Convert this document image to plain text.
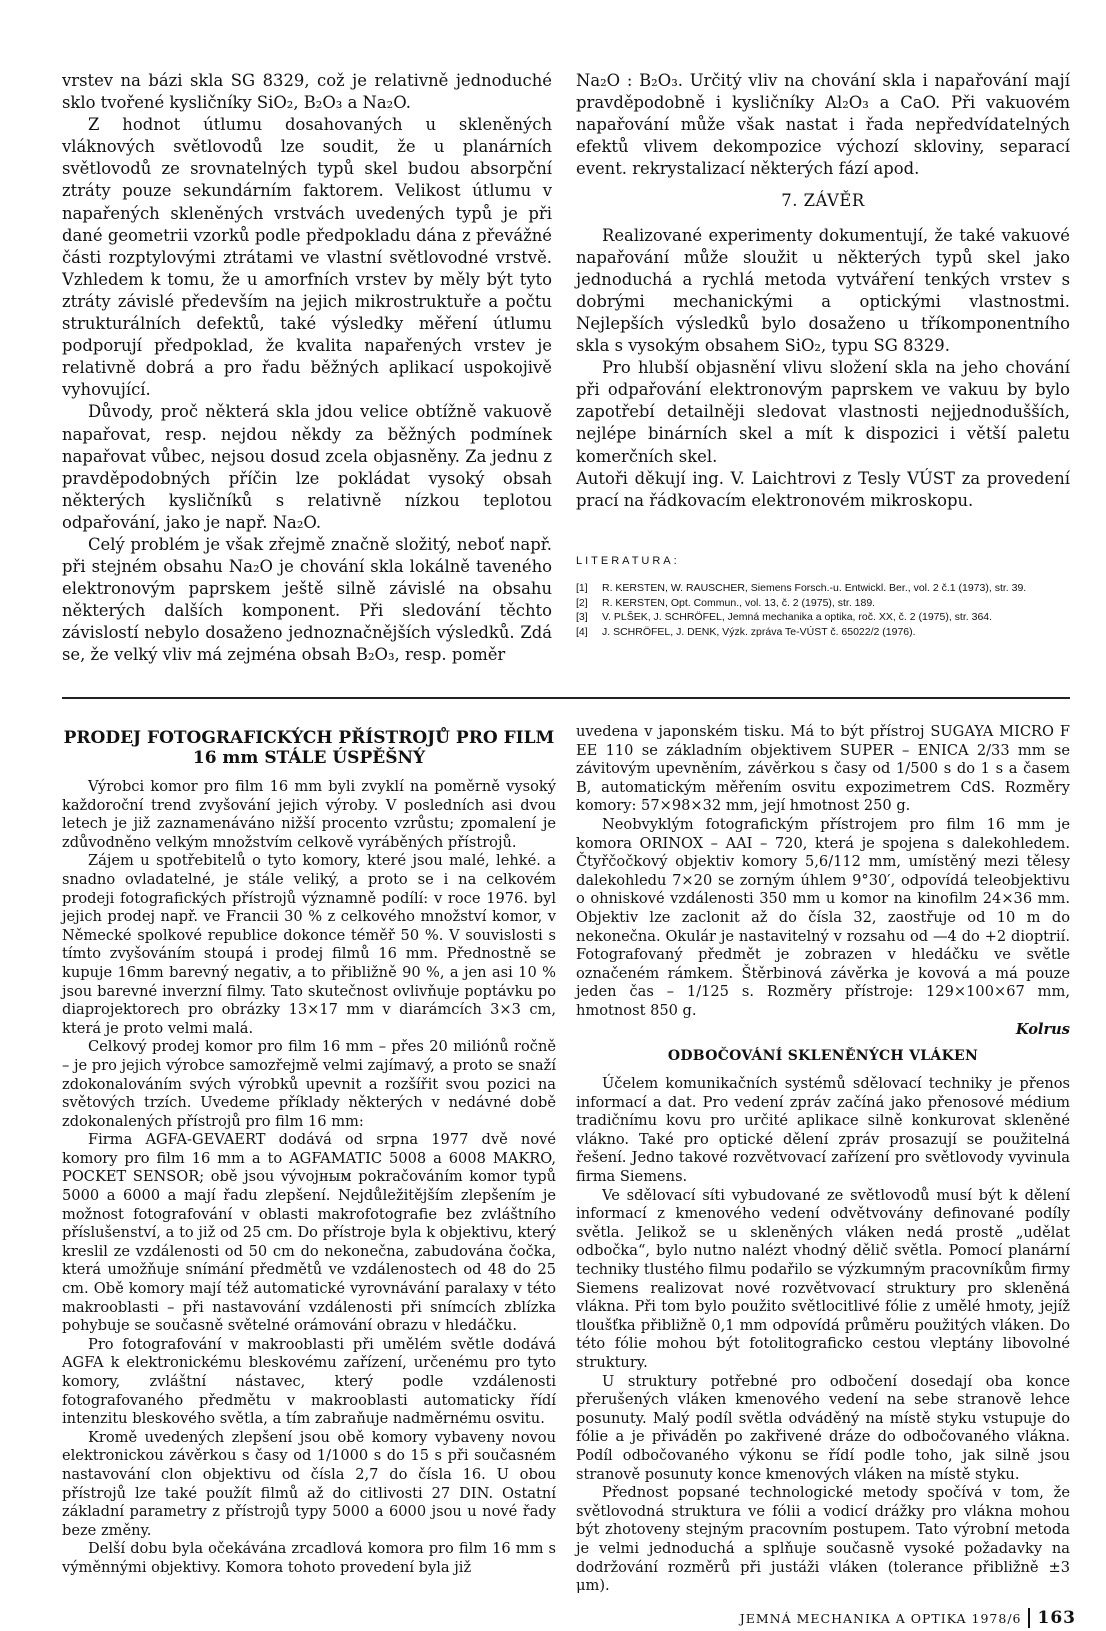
vrstev na bázi skla SG 8329, což je relativně jednoduché sklo tvořené kysličníky SiO₂, B₂O₃ a Na₂O.

Z hodnot útlumu dosahovaných u skleněných vláknových světlovodů lze soudit, že u planárních světlovodů ze srovnatelných typů skel budou absorpční ztráty pouze sekundárním faktorem. Velikost útlumu v napařených skleněných vrstvách uvedených typů je při dané geometrii vzorků podle předpokladu dána z převážné části rozptylovými ztrátami ve vlastní světlovodné vrstvě. Vzhledem k tomu, že u amorfních vrstev by měly být tyto ztráty závislé především na jejich mikrostruktuře a počtu strukturálních defektů, také výsledky měření útlumu podporují předpoklad, že kvalita napařených vrstev je relativně dobrá a pro řadu běžných aplikací uspokojivě vyhovující.

Důvody, proč některá skla jdou velice obtížně vakuově napařovat, resp. nejdou někdy za běžných podmínek napařovat vůbec, nejsou dosud zcela objasněny. Za jednu z pravděpodobných příčin lze pokládat vysoký obsah některých kysličníků s relativně nízkou teplotou odpařování, jako je např. Na₂O.

Celý problém je však zřejmě značně složitý, neboť např. při stejném obsahu Na₂O je chování skla lokálně taveného elektronovým paprskem ještě silně závislé na obsahu některých dalších komponent. Při sledování těchto závislostí nebylo dosaženo jednoznačnějších výsledků. Zdá se, že velký vliv má zejména obsah B₂O₃, resp. poměr

Na₂O : B₂O₃. Určitý vliv na chování skla i napařování mají pravděpodobně i kysličníky Al₂O₃ a CaO. Při vakuovém napařování může však nastat i řada nepředvídatelných efektů vlivem dekompozice výchozí skloviny, separací event. rekrystalizací některých fází apod.

7. ZÁVĚR

Realizované experimenty dokumentují, že také vakuové napařování může sloužit u některých typů skel jako jednoduchá a rychlá metoda vytváření tenkých vrstev s dobrými mechanickými a optickými vlastnostmi. Nejlepších výsledků bylo dosaženo u tříkomponentního skla s vysokým obsahem SiO₂, typu SG 8329.

Pro hlubší objasnění vlivu složení skla na jeho chování při odpařování elektronovým paprskem ve vakuu by bylo zapotřebí detailněji sledovat vlastnosti nejjednodušších, nejlépe binárních skel a mít k dispozici i větší paletu komerčních skel.

Autoři děkují ing. V. Laichtrovi z Tesly VÚST za provedení prací na řádkovacím elektronovém mikroskopu.

LITERATURA:
[1]	R. KERSTEN, W. RAUSCHER, Siemens Forsch.-u. Entwickl. Ber., vol. 2 č.1 (1973), str. 39.
[2]	R. KERSTEN, Opt. Commun., vol. 13, č. 2 (1975), str. 189.
[3]	V. PLŠEK, J. SCHRÖFEL, Jemná mechanika a optika, roč. XX, č. 2 (1975), str. 364.
[4]	J. SCHRÖFEL, J. DENK, Výzk. zpráva Te-VÚST č. 65022/2 (1976).
PRODEJ FOTOGRAFICKÝCH PŘÍSTROJŮ PRO FILM 16 mm STÁLE ÚSPĚŠNÝ

Výrobci komor pro film 16 mm byli zvyklí na poměrně vysoký každoroční trend zvyšování jejich výroby. V posledních asi dvou letech je již zaznamenáváno nižší procento vzrůstu; zpomalení je zdůvodněno velkým množstvím celkově vyráběných přístrojů.

Zájem u spotřebitelů o tyto komory, které jsou malé, lehké. a snadno ovladatelné, je stále veliký, a proto se i na celkovém prodeji fotografických přístrojů významně podílí: v roce 1976. byl jejich prodej např. ve Francii 30 % z celkového množství komor, v Německé spolkové republice dokonce téměř 50 %. V souvislosti s tímto zvyšováním stoupá i prodej filmů 16 mm. Přednostně se kupuje 16mm barevný negativ, a to přibližně 90 %, a jen asi 10 % jsou barevné inverzní filmy. Tato skutečnost ovlivňuje poptávku po diaprojektorech pro obrázky 13×17 mm v diarámcích 3×3 cm, která je proto velmi malá.

Celkový prodej komor pro film 16 mm – přes 20 miliónů ročně – je pro jejich výrobce samozřejmě velmi zajímavý, a proto se snaží zdokonalováním svých výrobků upevnit a rozšířit svou pozici na světových trzích. Uvedeme příklady některých v nedávné době zdokonalených přístrojů pro film 16 mm:

Firma AGFA-GEVAERT dodává od srpna 1977 dvě nové komory pro film 16 mm a to AGFAMATIC 5008 a 6008 MAKRO, POCKET SENSOR; obě jsou vývojным pokračováním komor typů 5000 a 6000 a mají řadu zlepšení. Nejdůležitějším zlepšením je možnost fotografování v oblasti makrofotografie bez zvláštního příslušenství, a to již od 25 cm. Do přístroje byla k objektivu, který kreslil ze vzdálenosti od 50 cm do nekonečna, zabudována čočka, která umožňuje snímání předmětů ve vzdálenostech od 48 do 25 cm. Obě komory mají též automatické vyrovnávání paralaxy v této makrooblasti – při nastavování vzdálenosti při snímcích zblízka pohybuje se současně světelné orámování obrazu v hledáčku.

Pro fotografování v makrooblasti při umělém světle dodává AGFA k elektronickému bleskovému zařízení, určenému pro tyto komory, zvláštní nástavec, který podle vzdálenosti fotografovaného předmětu v makrooblasti automaticky řídí intenzitu bleskového světla, a tím zabraňuje nadměrnému osvitu.

Kromě uvedených zlepšení jsou obě komory vybaveny novou elektronickou závěrkou s časy od 1/1000 s do 15 s při současném nastavování clon objektivu od čísla 2,7 do čísla 16. U obou přístrojů lze také použít filmů až do citlivosti 27 DIN. Ostatní základní parametry z přístrojů typy 5000 a 6000 jsou u nové řady beze změny.

Delší dobu byla očekávána zrcadlová komora pro film 16 mm s výměnnými objektivy. Komora tohoto provedení byla již

uvedena v japonském tisku. Má to být přístroj SUGAYA MICRO F EE 110 se základním objektivem SUPER – ENICA 2/33 mm se závitovým upevněním, závěrkou s časy od 1/500 s do 1 s a časem B, automatickým měřením osvitu expozimetrem CdS. Rozměry komory: 57×98×32 mm, její hmotnost 250 g.

Neobvyklým fotografickým přístrojem pro film 16 mm je komora ORINOX – AAI – 720, která je spojena s dalekohledem. Čtyřčočkový objektiv komory 5,6/112 mm, umístěný mezi tělesy dalekohledu 7×20 se zorným úhlem 9°30′, odpovídá teleobjektivu o ohniskové vzdálenosti 350 mm u komor na kinofilm 24×36 mm. Objektiv lze zaclonit až do čísla 32, zaostřuje od 10 m do nekonečna. Okulár je nastavitelný v rozsahu od —4 do +2 dioptrií. Fotografovaný předmět je zobrazen v hledáčku ve světle označeném rámkem. Štěrbinová závěrka je kovová a má pouze jeden čas – 1/125 s. Rozměry přístroje: 129×100×67 mm, hmotnost 850 g.

Kolrus
ODBOČOVÁNÍ SKLENĚNÝCH VLÁKEN

Účelem komunikačních systémů sdělovací techniky je přenos informací a dat. Pro vedení zpráv začíná jako přenosové médium tradičnímu kovu pro určité aplikace silně konkurovat skleněné vlákno. Také pro optické dělení zpráv prosazují se použitelná řešení. Jedno takové rozvětvovací zařízení pro světlovody vyvinula firma Siemens.

Ve sdělovací síti vybudované ze světlovodů musí být k dělení informací z kmenového vedení odvětvovány definované podíly světla. Jelikož se u skleněných vláken nedá prostě „udělat odbočka“, bylo nutno nalézt vhodný dělič světla. Pomocí planární techniky tlustého filmu podařilo se výzkumným pracovníkům firmy Siemens realizovat nové rozvětvovací struktury pro skleněná vlákna. Při tom bylo použito světlocitlivé fólie z umělé hmoty, jejíž tloušťka přibližně 0,1 mm odpovídá průměru použitých vláken. Do této fólie mohou být fotolitograficko cestou vleptány libovolné struktury.

U struktury potřebné pro odbočení dosedají oba konce přerušených vláken kmenového vedení na sebe stranově lehce posunuty. Malý podíl světla odváděný na místě styku vstupuje do fólie a je přiváděn po zakřivené dráze do odbočovaného vlákna. Podíl odbočovaného výkonu se řídí podle toho, jak silně jsou stranově posunuty konce kmenových vláken na místě styku.

Přednost popsané technologické metody spočívá v tom, že světlovodná struktura ve fólii a vodicí drážky pro vlákna mohou být zhotoveny stejným pracovním postupem. Tato výrobní metoda je velmi jednoduchá a splňuje současně vysoké požadavky na dodržování rozměrů při justáži vláken (tolerance přibližně ±3 μm).

JEMNÁ MECHANIKA A OPTIKA 1978/6 163
